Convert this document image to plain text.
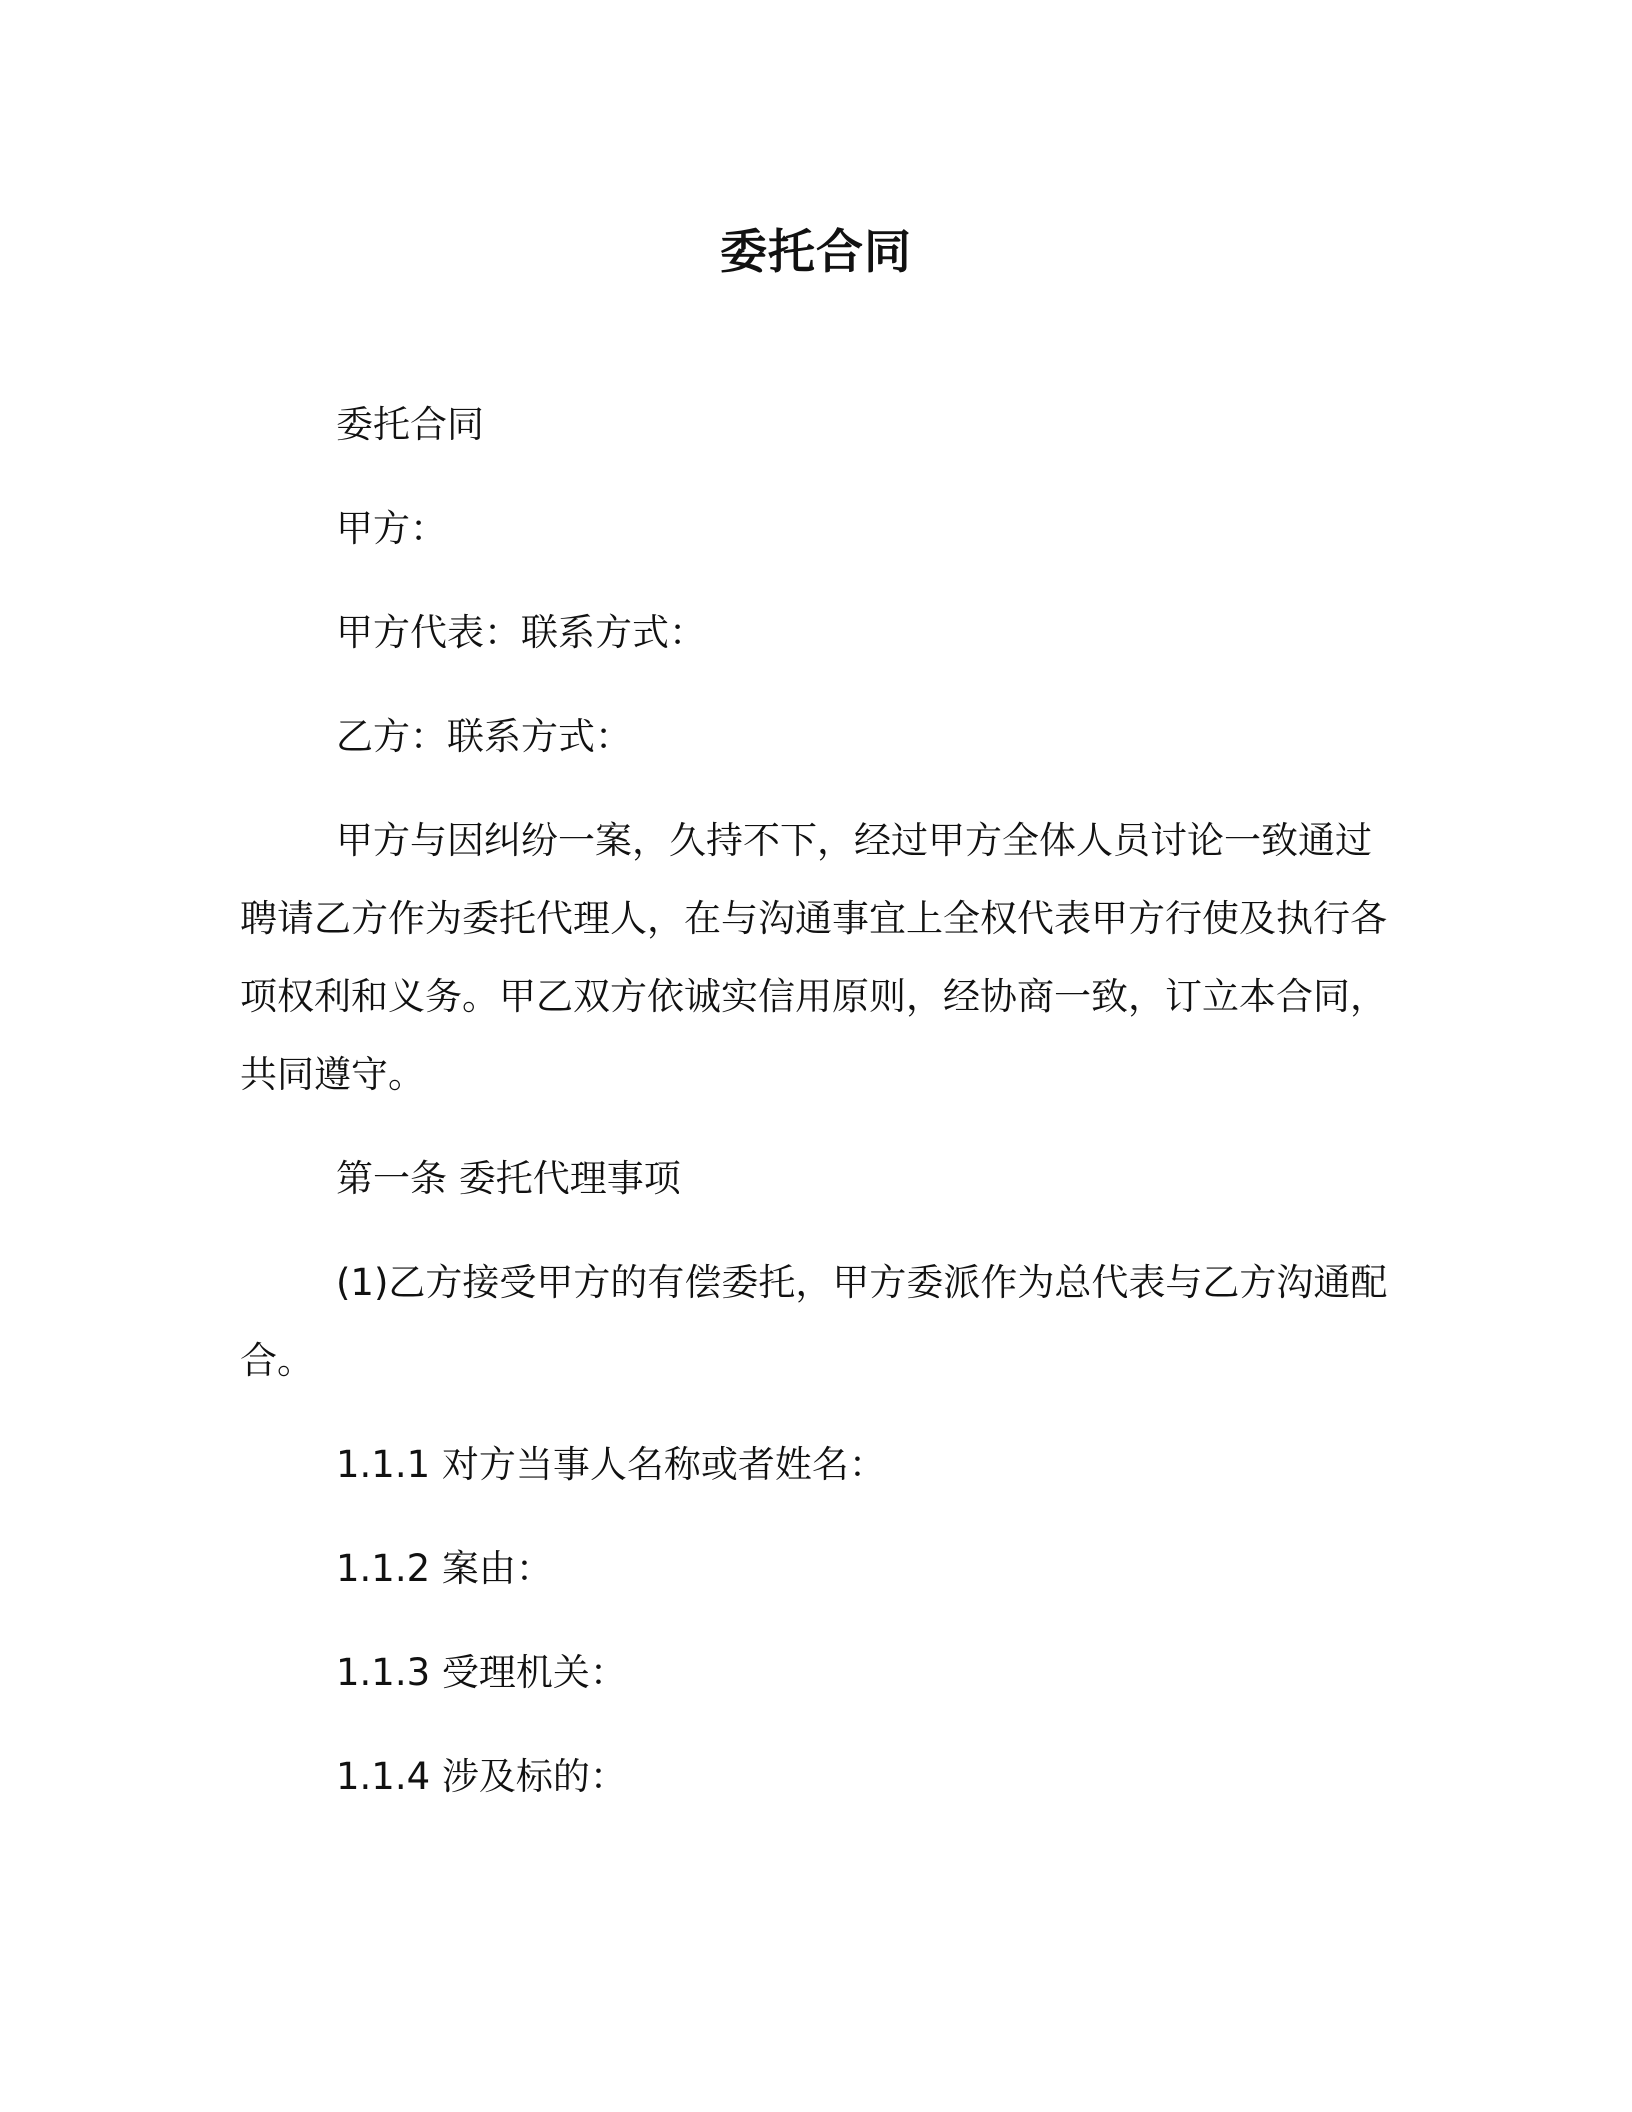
委托合同

委托合同

甲方：

甲方代表：联系方式：

乙方：联系方式：

甲方与因纠纷一案，久持不下，经过甲方全体人员讨论一致通过聘请乙方作为委托代理人，在与沟通事宜上全权代表甲方行使及执行各项权利和义务。甲乙双方依诚实信用原则，经协商一致，订立本合同，共同遵守。

第一条 委托代理事项

(1)乙方接受甲方的有偿委托，甲方委派作为总代表与乙方沟通配合。

1.1.1 对方当事人名称或者姓名：

1.1.2 案由：

1.1.3 受理机关：

1.1.4 涉及标的：
